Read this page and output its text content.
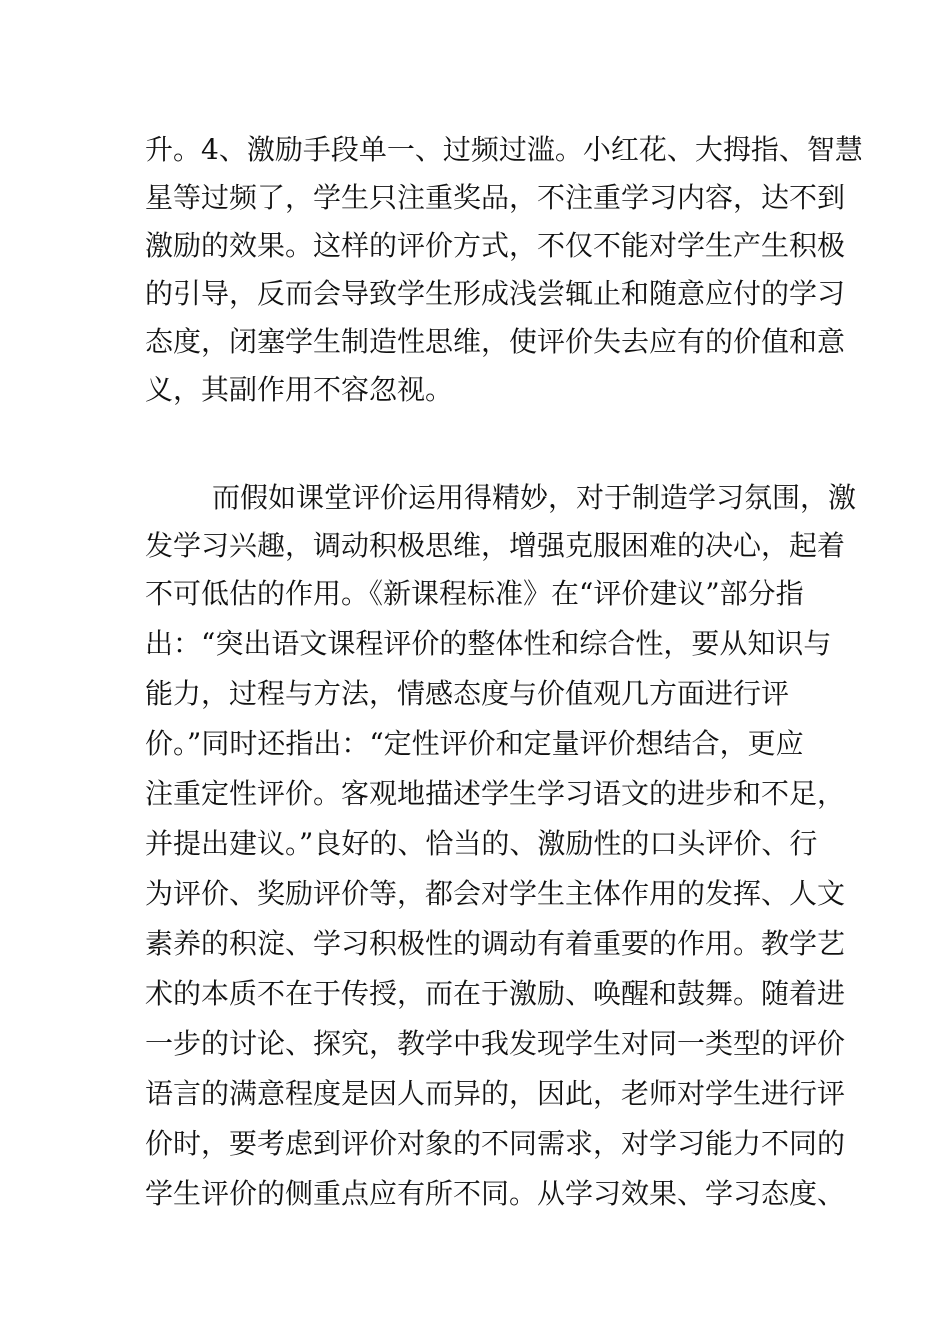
升。4、激励手段单一、过频过滥。小红花、大拇指、智慧
星等过频了，学生只注重奖品，不注重学习内容，达不到
激励的效果。这样的评价方式，不仅不能对学生产生积极
的引导，反而会导致学生形成浅尝辄止和随意应付的学习
态度，闭塞学生制造性思维，使评价失去应有的价值和意
义，其副作用不容忽视。
而假如课堂评价运用得精妙，对于制造学习氛围，激
发学习兴趣，调动积极思维，增强克服困难的决心，起着
不可低估的作用。《新课程标准》在“评价建议”部分指
出：“突出语文课程评价的整体性和综合性，要从知识与
能力，过程与方法，情感态度与价值观几方面进行评
价。”同时还指出：“定性评价和定量评价想结合，更应
注重定性评价。客观地描述学生学习语文的进步和不足，
并提出建议。”良好的、恰当的、激励性的口头评价、行
为评价、奖励评价等，都会对学生主体作用的发挥、人文
素养的积淀、学习积极性的调动有着重要的作用。教学艺
术的本质不在于传授，而在于激励、唤醒和鼓舞。随着进
一步的讨论、探究，教学中我发现学生对同一类型的评价
语言的满意程度是因人而异的，因此，老师对学生进行评
价时，要考虑到评价对象的不同需求，对学习能力不同的
学生评价的侧重点应有所不同。从学习效果、学习态度、
